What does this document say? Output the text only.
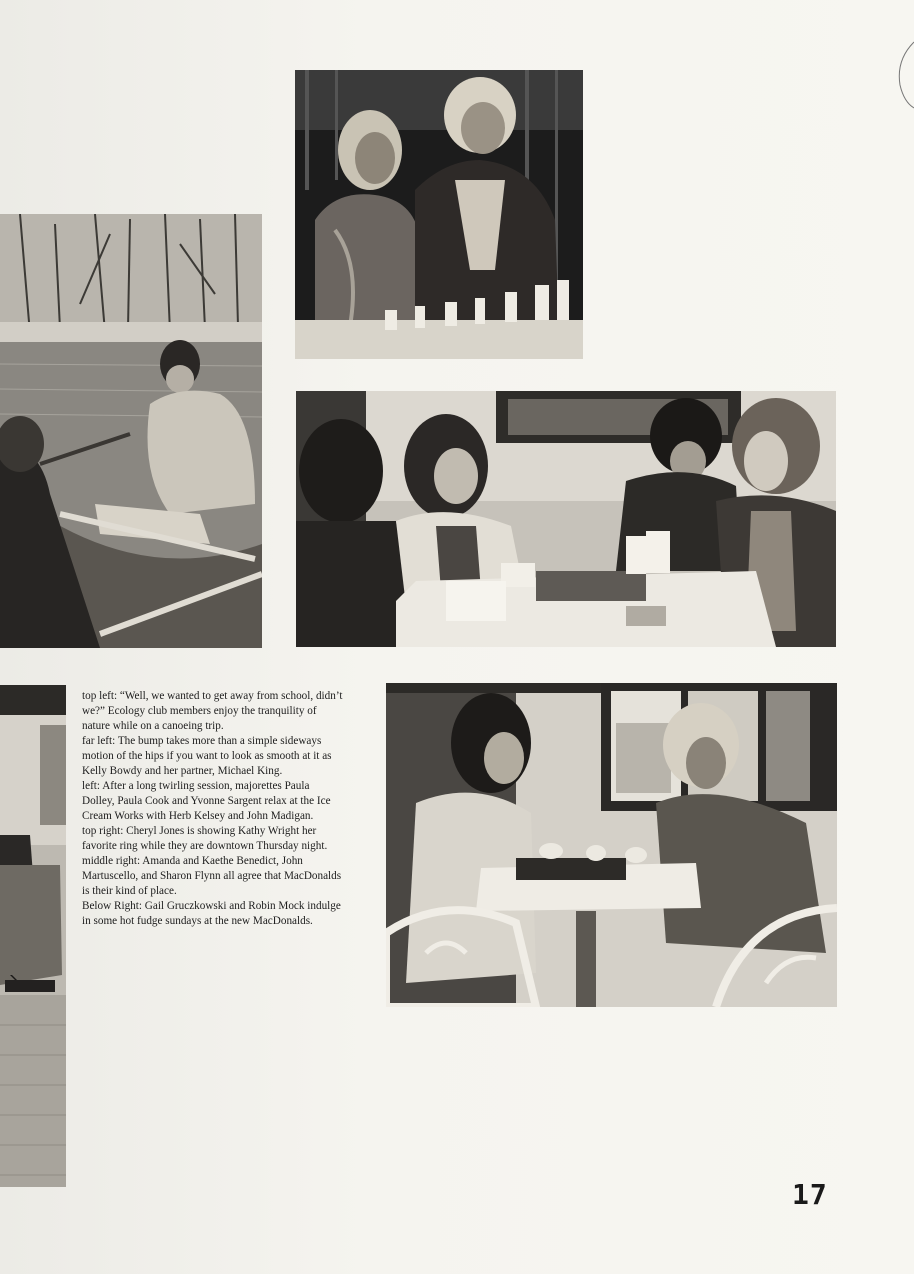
top left: “Well, we wanted to get away from school, didn’t we?” Ecology club members enjoy the tranquility of nature while on a canoeing trip.

far left: The bump takes more than a simple sideways motion of the hips if you want to look as smooth at it as Kelly Bowdy and her partner, Michael King.

left: After a long twirling session, majorettes Paula Dolley, Paula Cook and Yvonne Sargent relax at the Ice Cream Works with Herb Kelsey and John Madigan.

top right: Cheryl Jones is showing Kathy Wright her favorite ring while they are downtown Thursday night.

middle right: Amanda and Kaethe Benedict, John Martuscello, and Sharon Flynn all agree that MacDonalds is their kind of place.

Below Right: Gail Gruczkowski and Robin Mock indulge in some hot fudge sundays at the new MacDonalds.

17
